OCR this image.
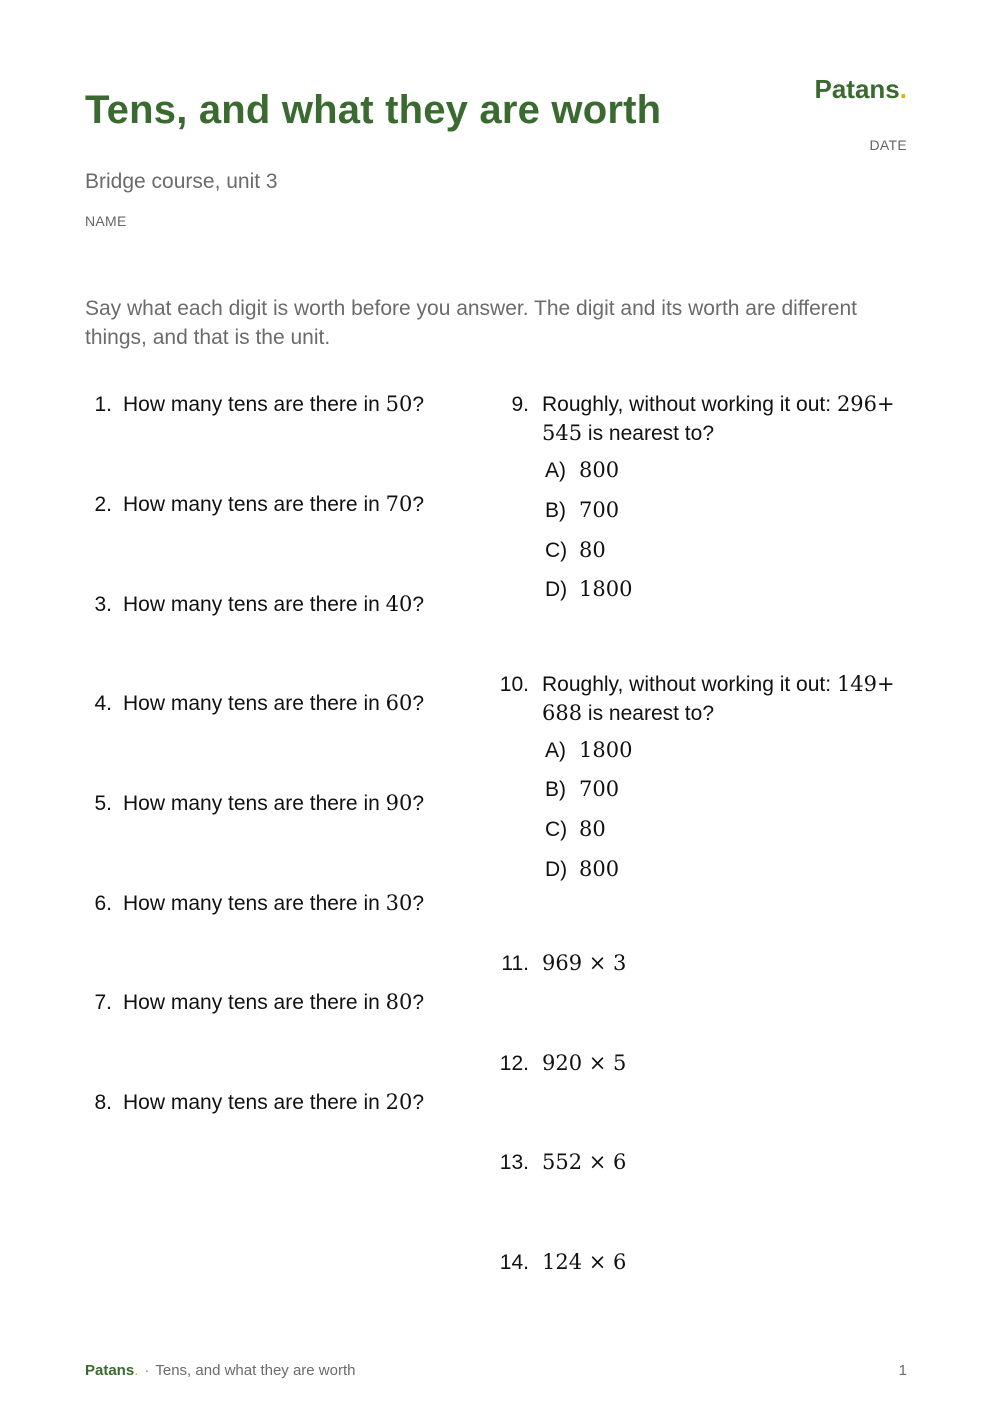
Tens, and what they are worth	Patans.
DATE
Bridge course, unit 3
NAME

Say what each digit is worth before you answer. The digit and its worth are different things, and that is the unit.

1. How many tens are there in 50?
2. How many tens are there in 70?
3. How many tens are there in 40?
4. How many tens are there in 60?
5. How many tens are there in 90?
6. How many tens are there in 30?
7. How many tens are there in 80?
8. How many tens are there in 20?
9. Roughly, without working it out: 296+
545 is nearest to?
A) 800
B) 700
C) 80
D) 1800
10. Roughly, without working it out: 149+
688 is nearest to?
A) 1800
B) 700
C) 80
D) 800
11. 969 × 3
12. 920 × 5
13. 552 × 6
14. 124 × 6
Patans. · Tens, and what they are worth	1
